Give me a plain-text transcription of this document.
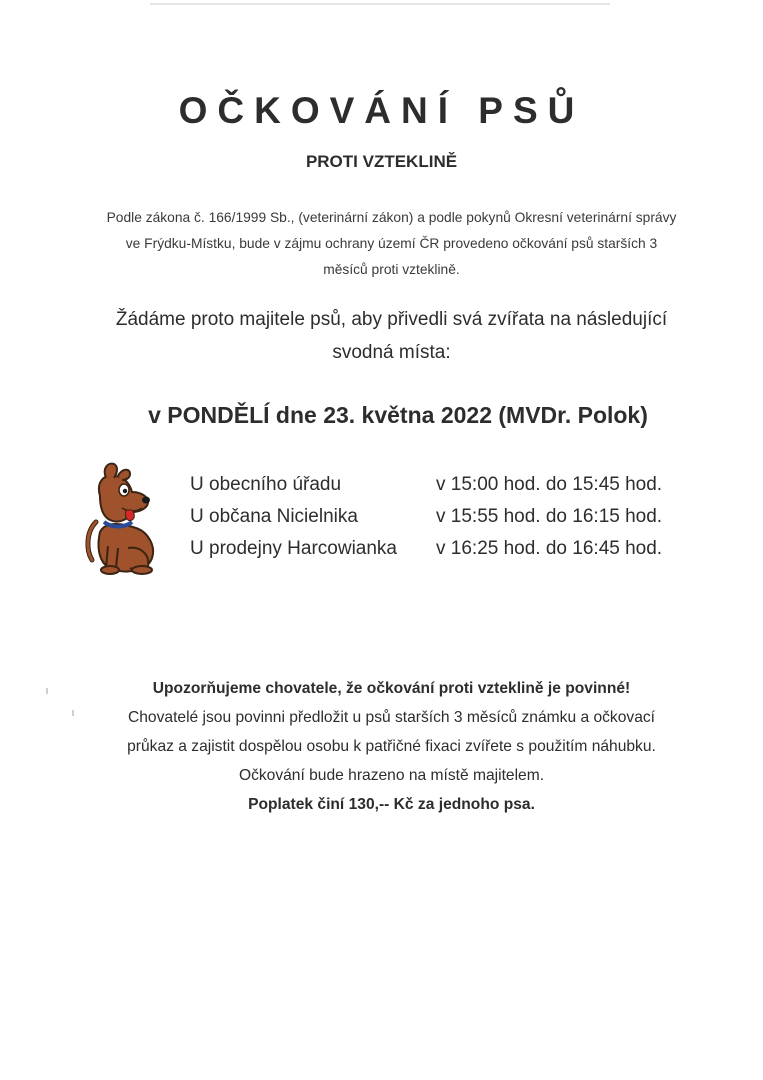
OČKOVÁNÍ PSŮ
PROTI VZTEKLINĚ
Podle zákona č. 166/1999 Sb., (veterinární zákon) a podle pokynů Okresní veterinární správy
ve Frýdku-Místku, bude v zájmu ochrany území ČR provedeno očkování psů starších 3
měsíců proti vzteklině.
Žádáme proto majitele psů, aby přivedli svá zvířata na následující
svodná místa:
v PONDĚLÍ dne 23. května 2022 (MVDr. Polok)
U obecního úřadu	v 15:00 hod. do 15:45 hod.
U občana Nicielnika	v 15:55 hod. do 16:15 hod.
U prodejny Harcowianka v 16:25 hod. do 16:45 hod.
Upozorňujeme chovatele, že očkování proti vzteklině je povinné!
Chovatelé jsou povinni předložit u psů starších 3 měsíců známku a očkovací
průkaz a zajistit dospělou osobu k patřičné fixaci zvířete s použitím náhubku.
Očkování bude hrazeno na místě majitelem.
Poplatek činí 130,-- Kč za jednoho psa.
